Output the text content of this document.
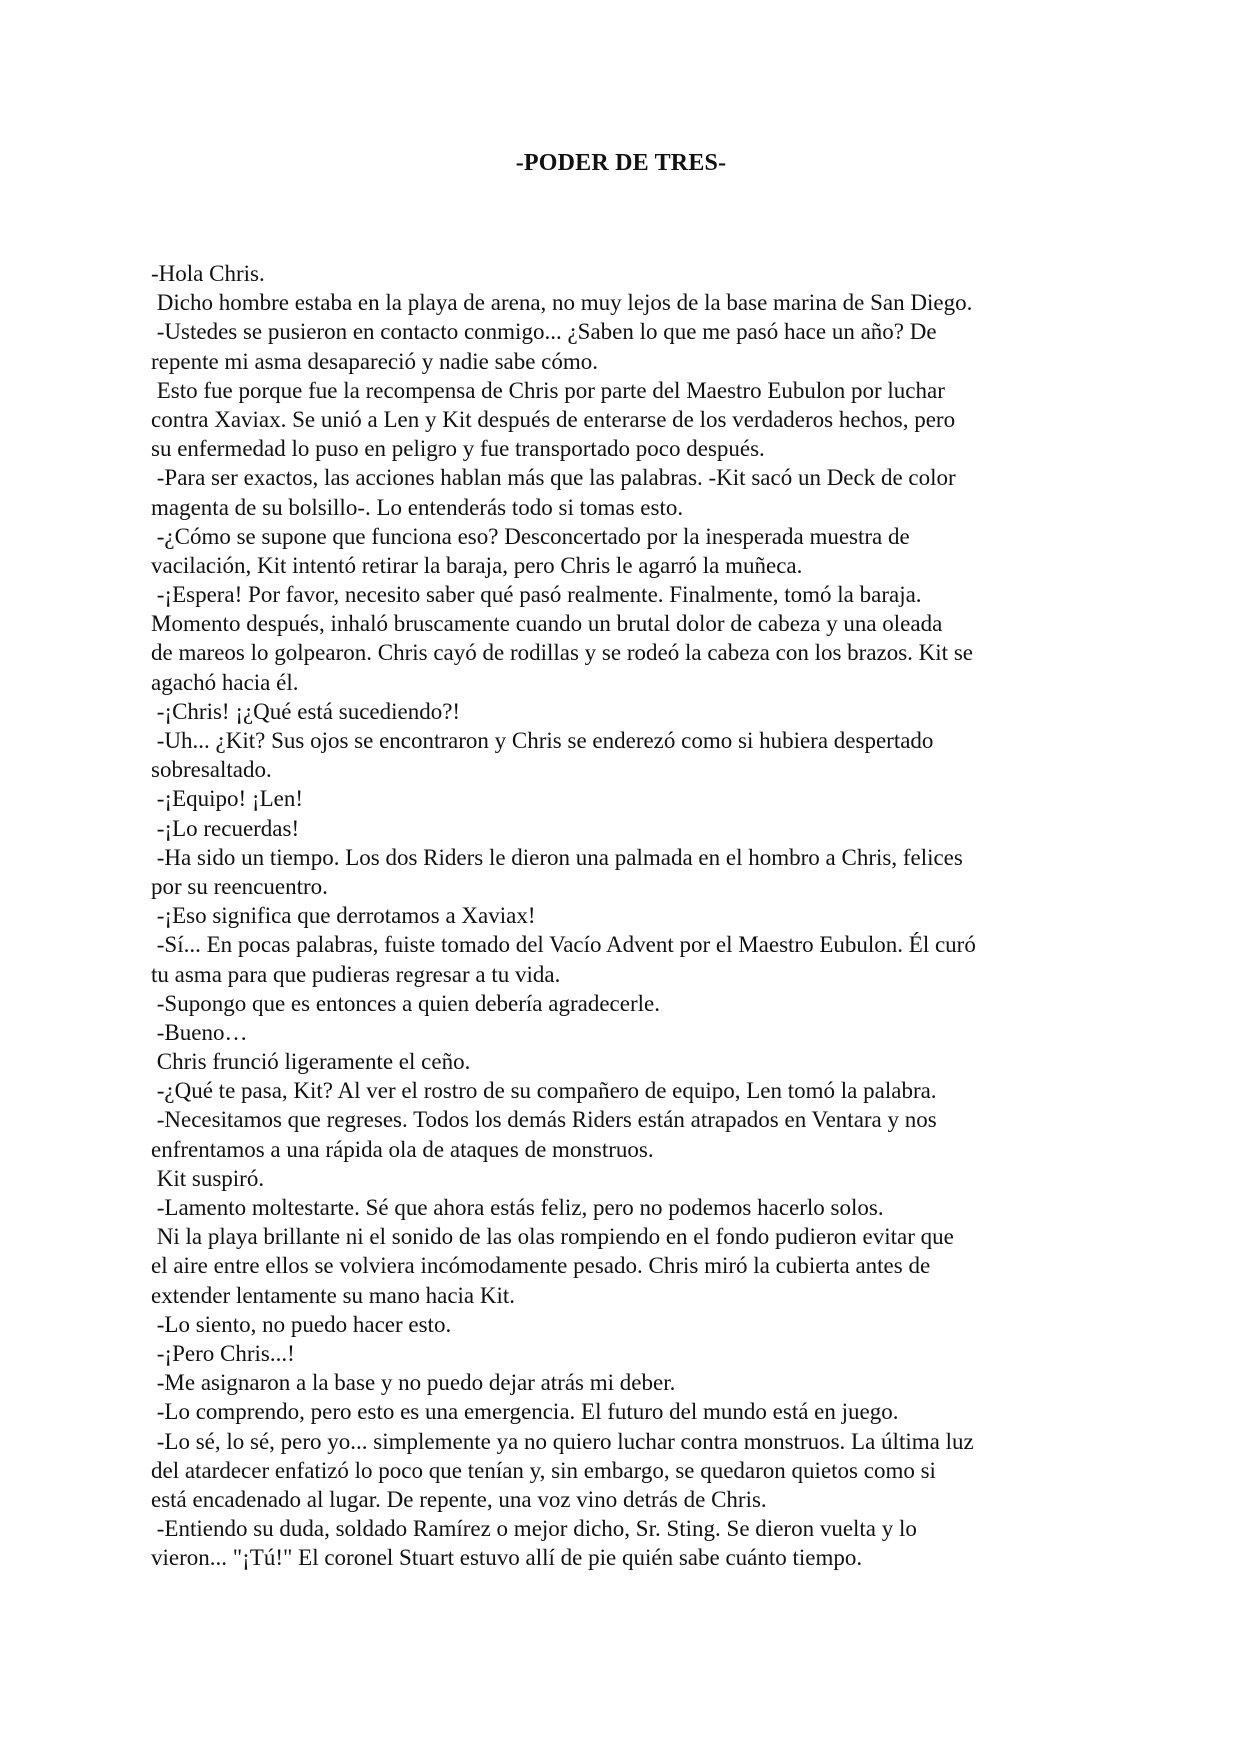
-PODER DE TRES-
-Hola Chris.
Dicho hombre estaba en la playa de arena, no muy lejos de la base marina de San Diego.
-Ustedes se pusieron en contacto conmigo... ¿Saben lo que me pasó hace un año? De
repente mi asma desapareció y nadie sabe cómo.
Esto fue porque fue la recompensa de Chris por parte del Maestro Eubulon por luchar
contra Xaviax. Se unió a Len y Kit después de enterarse de los verdaderos hechos, pero
su enfermedad lo puso en peligro y fue transportado poco después.
-Para ser exactos, las acciones hablan más que las palabras. -Kit sacó un Deck de color
magenta de su bolsillo-. Lo entenderás todo si tomas esto.
-¿Cómo se supone que funciona eso? Desconcertado por la inesperada muestra de
vacilación, Kit intentó retirar la baraja, pero Chris le agarró la muñeca.
-¡Espera! Por favor, necesito saber qué pasó realmente. Finalmente, tomó la baraja.
Momento después, inhaló bruscamente cuando un brutal dolor de cabeza y una oleada
de mareos lo golpearon. Chris cayó de rodillas y se rodeó la cabeza con los brazos. Kit se
agachó hacia él.
-¡Chris! ¡¿Qué está sucediendo?!
-Uh... ¿Kit? Sus ojos se encontraron y Chris se enderezó como si hubiera despertado
sobresaltado.
-¡Equipo! ¡Len!
-¡Lo recuerdas!
-Ha sido un tiempo. Los dos Riders le dieron una palmada en el hombro a Chris, felices
por su reencuentro.
-¡Eso significa que derrotamos a Xaviax!
-Sí... En pocas palabras, fuiste tomado del Vacío Advent por el Maestro Eubulon. Él curó
tu asma para que pudieras regresar a tu vida.
-Supongo que es entonces a quien debería agradecerle.
-Bueno…
Chris frunció ligeramente el ceño.
-¿Qué te pasa, Kit? Al ver el rostro de su compañero de equipo, Len tomó la palabra.
-Necesitamos que regreses. Todos los demás Riders están atrapados en Ventara y nos
enfrentamos a una rápida ola de ataques de monstruos.
Kit suspiró.
-Lamento moltestarte. Sé que ahora estás feliz, pero no podemos hacerlo solos.
Ni la playa brillante ni el sonido de las olas rompiendo en el fondo pudieron evitar que
el aire entre ellos se volviera incómodamente pesado. Chris miró la cubierta antes de
extender lentamente su mano hacia Kit.
-Lo siento, no puedo hacer esto.
-¡Pero Chris...!
-Me asignaron a la base y no puedo dejar atrás mi deber.
-Lo comprendo, pero esto es una emergencia. El futuro del mundo está en juego.
-Lo sé, lo sé, pero yo... simplemente ya no quiero luchar contra monstruos. La última luz
del atardecer enfatizó lo poco que tenían y, sin embargo, se quedaron quietos como si
está encadenado al lugar. De repente, una voz vino detrás de Chris.
-Entiendo su duda, soldado Ramírez o mejor dicho, Sr. Sting. Se dieron vuelta y lo
vieron... "¡Tú!" El coronel Stuart estuvo allí de pie quién sabe cuánto tiempo.
